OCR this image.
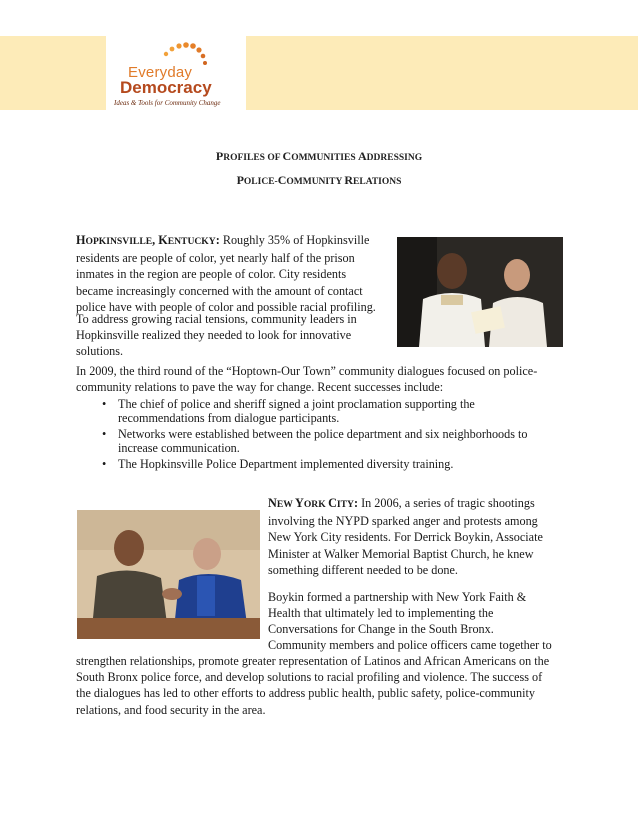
Everyday
Democracy
Ideas & Tools for Community Change
PROFILES OF COMMUNITIES ADDRESSING
POLICE-COMMUNITY RELATIONS
HOPKINSVILLE, KENTUCKY: Roughly 35% of Hopkinsville
residents are people of color, yet nearly half of the prison
inmates in the region are people of color. City residents
became increasingly concerned with the amount of contact
police have with people of color and possible racial profiling.
To address growing racial tensions, community leaders in
Hopkinsville realized they needed to look for innovative
solutions.
In 2009, the third round of the “Hoptown-Our Town” community dialogues focused on police-
community relations to pave the way for change. Recent successes include:
• The chief of police and sheriff signed a joint proclamation supporting the
recommendations from dialogue participants.
• Networks were established between the police department and six neighborhoods to
increase communication.
• The Hopkinsville Police Department implemented diversity training.
NEW YORK CITY: In 2006, a series of tragic shootings
involving the NYPD sparked anger and protests among
New York City residents. For Derrick Boykin, Associate
Minister at Walker Memorial Baptist Church, he knew
something different needed to be done.
Boykin formed a partnership with New York Faith &
Health that ultimately led to implementing the
Conversations for Change in the South Bronx.
Community members and police officers came together to
strengthen relationships, promote greater representation of Latinos and African Americans on the
South Bronx police force, and develop solutions to racial profiling and violence. The success of
the dialogues has led to other efforts to address public health, public safety, police-community
relations, and food security in the area.
